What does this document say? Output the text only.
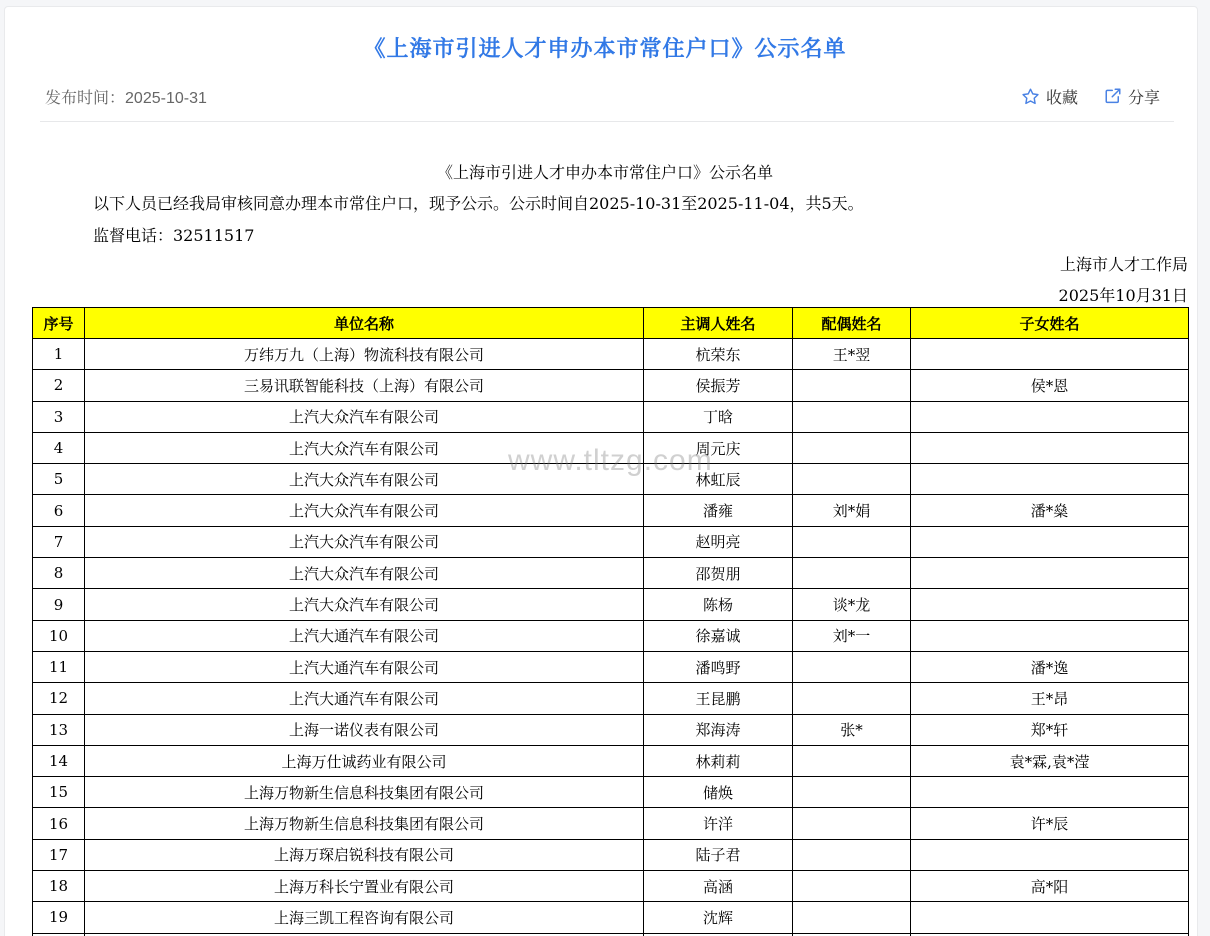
《上海市引进人才申办本市常住户口》公示名单
发布时间：2025-10-31	收藏	分享
《上海市引进人才申办本市常住户口》公示名单
以下人员已经我局审核同意办理本市常住户口，现予公示。公示时间自2025-10-31至2025-11-04，共5天。
监督电话：32511517
上海市人才工作局
2025年10月31日
序号	单位名称	主调人姓名	配偶姓名	子女姓名
1	万纬万九（上海）物流科技有限公司	杭荣东	王*翌	
2	三易讯联智能科技（上海）有限公司	侯振芳		侯*恩
3	上汽大众汽车有限公司	丁晗		
4	上汽大众汽车有限公司	周元庆		
5	上汽大众汽车有限公司	林虹辰		
6	上汽大众汽车有限公司	潘雍	刘*娟	潘*燊
7	上汽大众汽车有限公司	赵明亮		
8	上汽大众汽车有限公司	邵贺朋		
9	上汽大众汽车有限公司	陈杨	谈*龙	
10	上汽大通汽车有限公司	徐嘉诚	刘*一	
11	上汽大通汽车有限公司	潘鸣野		潘*逸
12	上汽大通汽车有限公司	王昆鹏		王*昂
13	上海一诺仪表有限公司	郑海涛	张*	郑*轩
14	上海万仕诚药业有限公司	林莉莉		袁*霖,袁*滢
15	上海万物新生信息科技集团有限公司	储焕		
16	上海万物新生信息科技集团有限公司	许洋		许*辰
17	上海万琛启锐科技有限公司	陆子君		
18	上海万科长宁置业有限公司	高涵		高*阳
19	上海三凯工程咨询有限公司	沈辉		

www.tltzg.com
